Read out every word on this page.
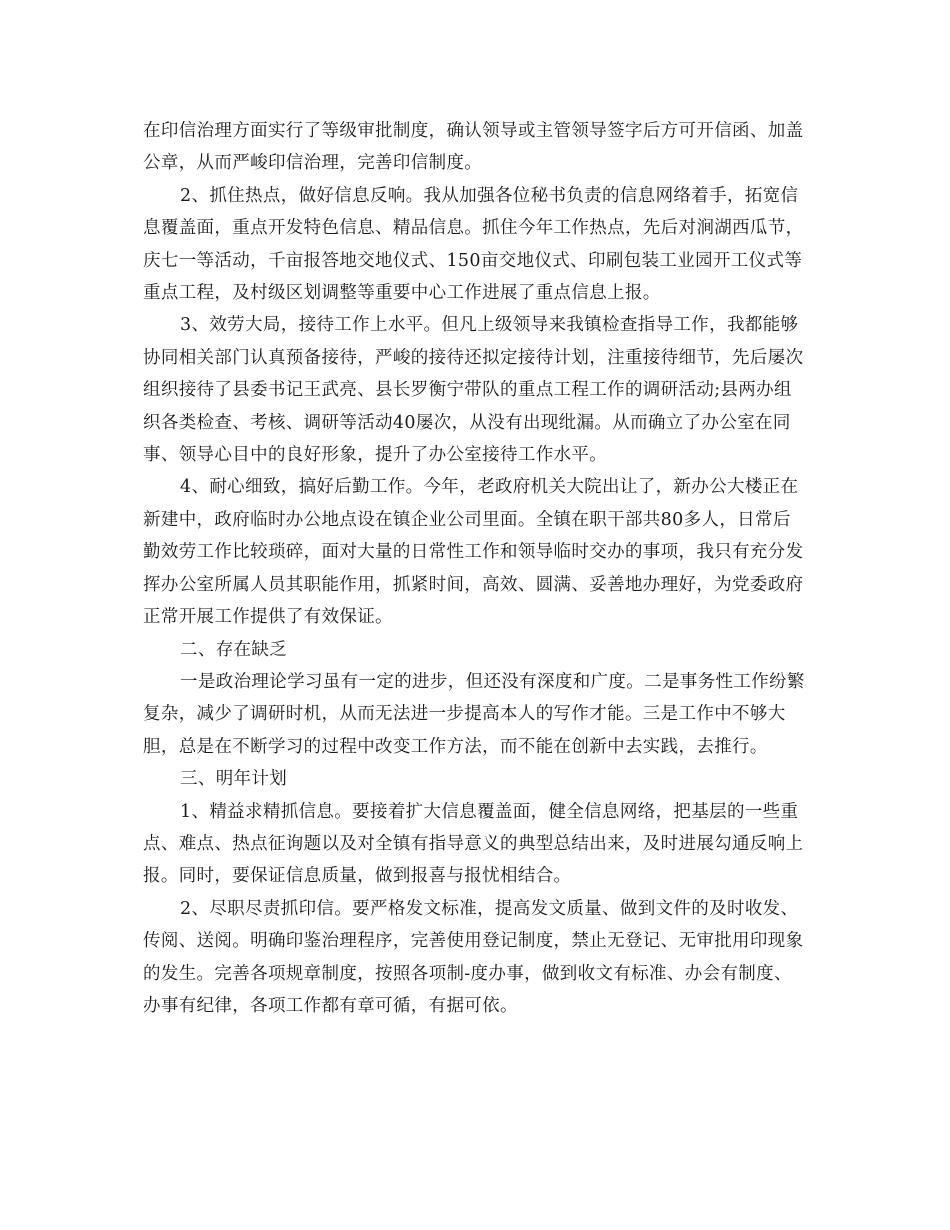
在印信治理方面实行了等级审批制度，确认领导或主管领导签字后方可开信函、加盖公章，从而严峻印信治理，完善印信制度。

2、抓住热点，做好信息反响。我从加强各位秘书负责的信息网络着手，拓宽信息覆盖面，重点开发特色信息、精品信息。抓住今年工作热点，先后对涧湖西瓜节，庆七一等活动，千亩报答地交地仪式、150亩交地仪式、印刷包装工业园开工仪式等重点工程，及村级区划调整等重要中心工作进展了重点信息上报。

3、效劳大局，接待工作上水平。但凡上级领导来我镇检查指导工作，我都能够协同相关部门认真预备接待，严峻的接待还拟定接待计划，注重接待细节，先后屡次组织接待了县委书记王武亮、县长罗衡宁带队的重点工程工作的调研活动;县两办组织各类检查、考核、调研等活动40屡次，从没有出现纰漏。从而确立了办公室在同事、领导心目中的良好形象，提升了办公室接待工作水平。

4、耐心细致，搞好后勤工作。今年，老政府机关大院出让了，新办公大楼正在新建中，政府临时办公地点设在镇企业公司里面。全镇在职干部共80多人，日常后勤效劳工作比较琐碎，面对大量的日常性工作和领导临时交办的事项，我只有充分发挥办公室所属人员其职能作用，抓紧时间，高效、圆满、妥善地办理好，为党委政府正常开展工作提供了有效保证。

二、存在缺乏

一是政治理论学习虽有一定的进步，但还没有深度和广度。二是事务性工作纷繁复杂，减少了调研时机，从而无法进一步提高本人的写作才能。三是工作中不够大胆，总是在不断学习的过程中改变工作方法，而不能在创新中去实践，去推行。

三、明年计划

1、精益求精抓信息。要接着扩大信息覆盖面，健全信息网络，把基层的一些重点、难点、热点征询题以及对全镇有指导意义的典型总结出来，及时进展勾通反响上报。同时，要保证信息质量，做到报喜与报忧相结合。

2、尽职尽责抓印信。要严格发文标准，提高发文质量、做到文件的及时收发、传阅、送阅。明确印鉴治理程序，完善使用登记制度，禁止无登记、无审批用印现象的发生。完善各项规章制度，按照各项制-度办事，做到收文有标准、办会有制度、办事有纪律，各项工作都有章可循，有据可依。
